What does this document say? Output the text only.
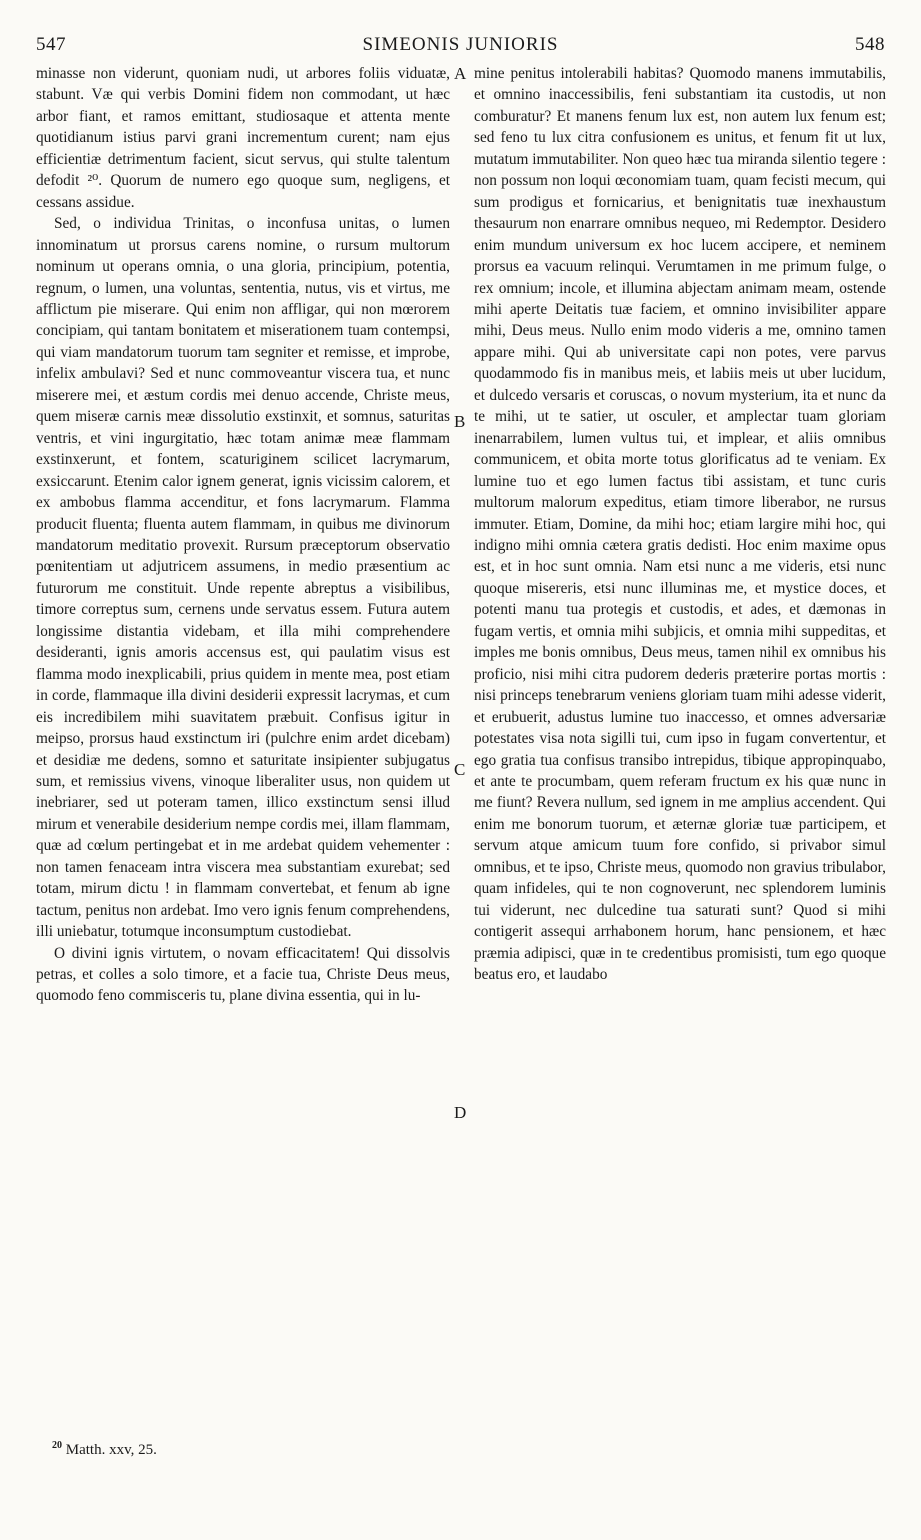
547	SIMEONIS JUNIORIS	548

minasse non viderunt, quoniam nudi, ut arbores foliis viduatæ, stabunt. Væ qui verbis Domini fidem non commodant, ut hæc arbor fiant, et ramos emittant, studiosaque et attenta mente quotidianum istius parvi grani incrementum curent; nam ejus efficientiæ detrimentum facient, sicut servus, qui stulte talentum defodit ²⁰. Quorum de numero ego quoque sum, negligens, et cessans assidue.

Sed, o individua Trinitas, o inconfusa unitas, o lumen innominatum ut prorsus carens nomine, o rursum multorum nominum ut operans omnia, o una gloria, principium, potentia, regnum, o lumen, una voluntas, sententia, nutus, vis et virtus, me afflictum pie miserare. Qui enim non affligar, qui non mœrorem concipiam, qui tantam bonitatem et miserationem tuam contempsi, qui viam mandatorum tuorum tam segniter et remisse, et improbe, infelix ambulavi? Sed et nunc commoveantur viscera tua, et nunc miserere mei, et æstum cordis mei denuo accende, Christe meus, quem miseræ carnis meæ dissolutio exstinxit, et somnus, saturitas ventris, et vini ingurgitatio, hæc totam animæ meæ flammam exstinxerunt, et fontem, scaturiginem scilicet lacrymarum, exsiccarunt. Etenim calor ignem generat, ignis vicissim calorem, et ex ambobus flamma accenditur, et fons lacrymarum. Flamma producit fluenta; fluenta autem flammam, in quibus me divinorum mandatorum meditatio provexit. Rursum præceptorum observatio pœnitentiam ut adjutricem assumens, in medio præsentium ac futurorum me constituit. Unde repente abreptus a visibilibus, timore correptus sum, cernens unde servatus essem. Futura autem longissime distantia videbam, et illa mihi comprehendere desideranti, ignis amoris accensus est, qui paulatim visus est flamma modo inexplicabili, prius quidem in mente mea, post etiam in corde, flammaque illa divini desiderii expressit lacrymas, et cum eis incredibilem mihi suavitatem præbuit. Confisus igitur in meipso, prorsus haud exstinctum iri (pulchre enim ardet dicebam) et desidiæ me dedens, somno et saturitate insipienter subjugatus sum, et remissius vivens, vinoque liberaliter usus, non quidem ut inebriarer, sed ut poteram tamen, illico exstinctum sensi illud mirum et venerabile desiderium nempe cordis mei, illam flammam, quæ ad cœlum pertingebat et in me ardebat quidem vehementer : non tamen fenaceam intra viscera mea substantiam exurebat; sed totam, mirum dictu ! in flammam convertebat, et fenum ab igne tactum, penitus non ardebat. Imo vero ignis fenum comprehendens, illi uniebatur, totumque inconsumptum custodiebat.

O divini ignis virtutem, o novam efficacitatem! Qui dissolvis petras, et colles a solo timore, et a facie tua, Christe Deus meus, quomodo feno commisceris tu, plane divina essentia, qui in lu-

A
B
C
D

mine penitus intolerabili habitas? Quomodo manens immutabilis, et omnino inaccessibilis, feni substantiam ita custodis, ut non comburatur? Et manens fenum lux est, non autem lux fenum est; sed feno tu lux citra confusionem es unitus, et fenum fit ut lux, mutatum immutabiliter. Non queo hæc tua miranda silentio tegere : non possum non loqui œconomiam tuam, quam fecisti mecum, qui sum prodigus et fornicarius, et benignitatis tuæ inexhaustum thesaurum non enarrare omnibus nequeo, mi Redemptor. Desidero enim mundum universum ex hoc lucem accipere, et neminem prorsus ea vacuum relinqui. Verumtamen in me primum fulge, o rex omnium; incole, et illumina abjectam animam meam, ostende mihi aperte Deitatis tuæ faciem, et omnino invisibiliter appare mihi, Deus meus. Nullo enim modo videris a me, omnino tamen appare mihi. Qui ab universitate capi non potes, vere parvus quodammodo fis in manibus meis, et labiis meis ut uber lucidum, et dulcedo versaris et coruscas, o novum mysterium, ita et nunc da te mihi, ut te satier, ut osculer, et amplectar tuam gloriam inenarrabilem, lumen vultus tui, et implear, et aliis omnibus communicem, et obita morte totus glorificatus ad te veniam. Ex lumine tuo et ego lumen factus tibi assistam, et tunc curis multorum malorum expeditus, etiam timore liberabor, ne rursus immuter. Etiam, Domine, da mihi hoc; etiam largire mihi hoc, qui indigno mihi omnia cætera gratis dedisti. Hoc enim maxime opus est, et in hoc sunt omnia. Nam etsi nunc a me videris, etsi nunc quoque misereris, etsi nunc illuminas me, et mystice doces, et potenti manu tua protegis et custodis, et ades, et dæmonas in fugam vertis, et omnia mihi subjicis, et omnia mihi suppeditas, et imples me bonis omnibus, Deus meus, tamen nihil ex omnibus his proficio, nisi mihi citra pudorem dederis præterire portas mortis : nisi princeps tenebrarum veniens gloriam tuam mihi adesse viderit, et erubuerit, adustus lumine tuo inaccesso, et omnes adversariæ potestates visa nota sigilli tui, cum ipso in fugam convertentur, et ego gratia tua confisus transibo intrepidus, tibique appropinquabo, et ante te procumbam, quem referam fructum ex his quæ nunc in me fiunt? Revera nullum, sed ignem in me amplius accendent. Qui enim me bonorum tuorum, et æternæ gloriæ tuæ participem, et servum atque amicum tuum fore confido, si privabor simul omnibus, et te ipso, Christe meus, quomodo non gravius tribulabor, quam infideles, qui te non cognoverunt, nec splendorem luminis tui viderunt, nec dulcedine tua saturati sunt? Quod si mihi contigerit assequi arrhabonem horum, hanc pensionem, et hæc præmia adipisci, quæ in te credentibus promisisti, tum ego quoque beatus ero, et laudabo

$^{20}$ Matth. xxv, 25.
